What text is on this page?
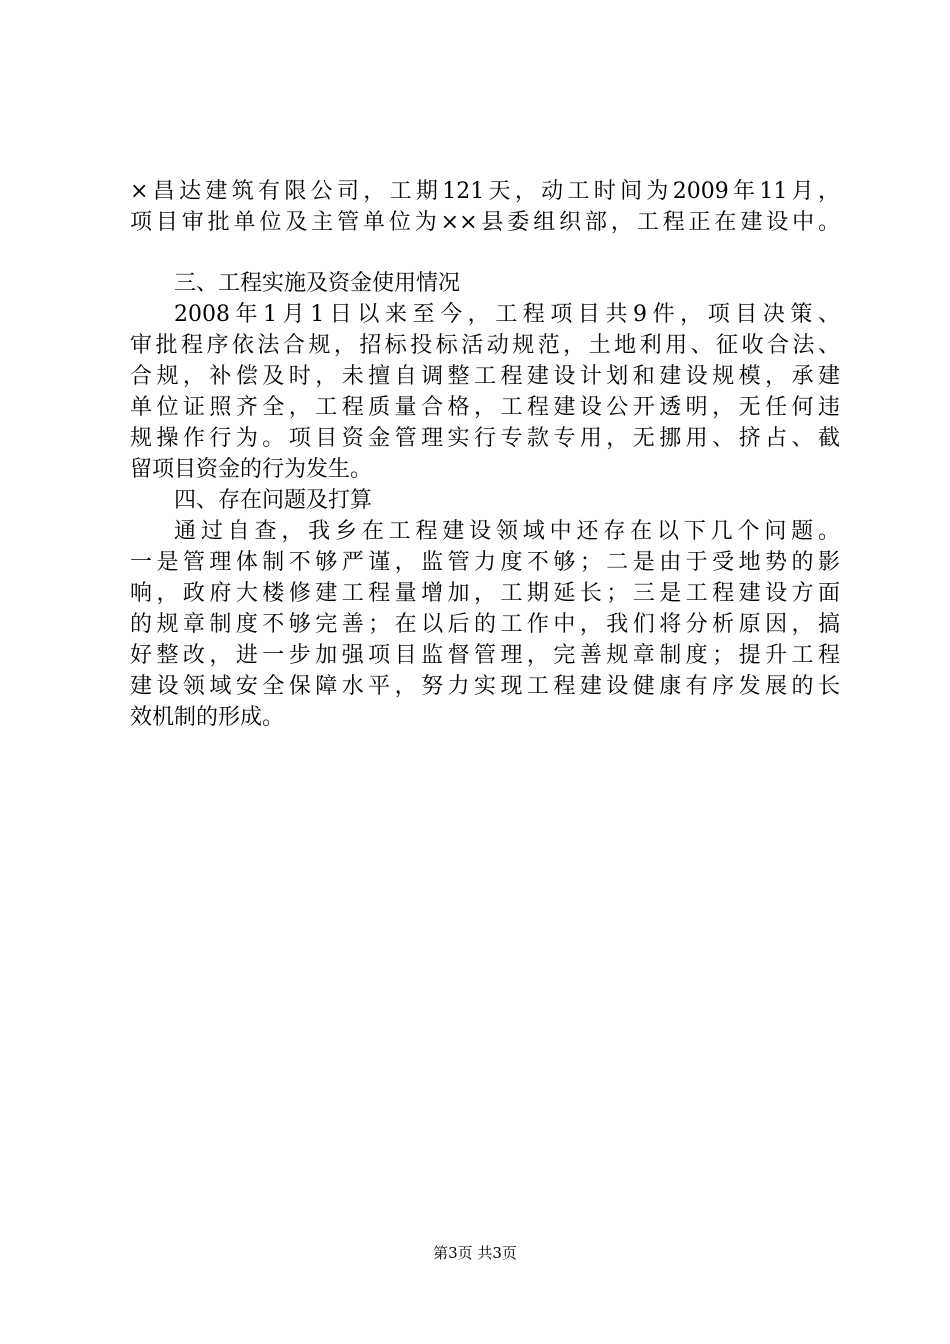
×昌达建筑有限公司，工期121天，动工时间为2009年11月，
项目审批单位及主管单位为××县委组织部，工程正在建设中。
三、工程实施及资金使用情况
2008年1月1日以来至今，工程项目共9件，项目决策、
审批程序依法合规，招标投标活动规范，土地利用、征收合法、
合规，补偿及时，未擅自调整工程建设计划和建设规模，承建
单位证照齐全，工程质量合格，工程建设公开透明，无任何违
规操作行为。项目资金管理实行专款专用，无挪用、挤占、截
留项目资金的行为发生。
四、存在问题及打算
通过自查，我乡在工程建设领域中还存在以下几个问题。
一是管理体制不够严谨，监管力度不够；二是由于受地势的影
响，政府大楼修建工程量增加，工期延长；三是工程建设方面
的规章制度不够完善；在以后的工作中，我们将分析原因，搞
好整改，进一步加强项目监督管理，完善规章制度；提升工程
建设领域安全保障水平，努力实现工程建设健康有序发展的长
效机制的形成。
第3页 共3页
